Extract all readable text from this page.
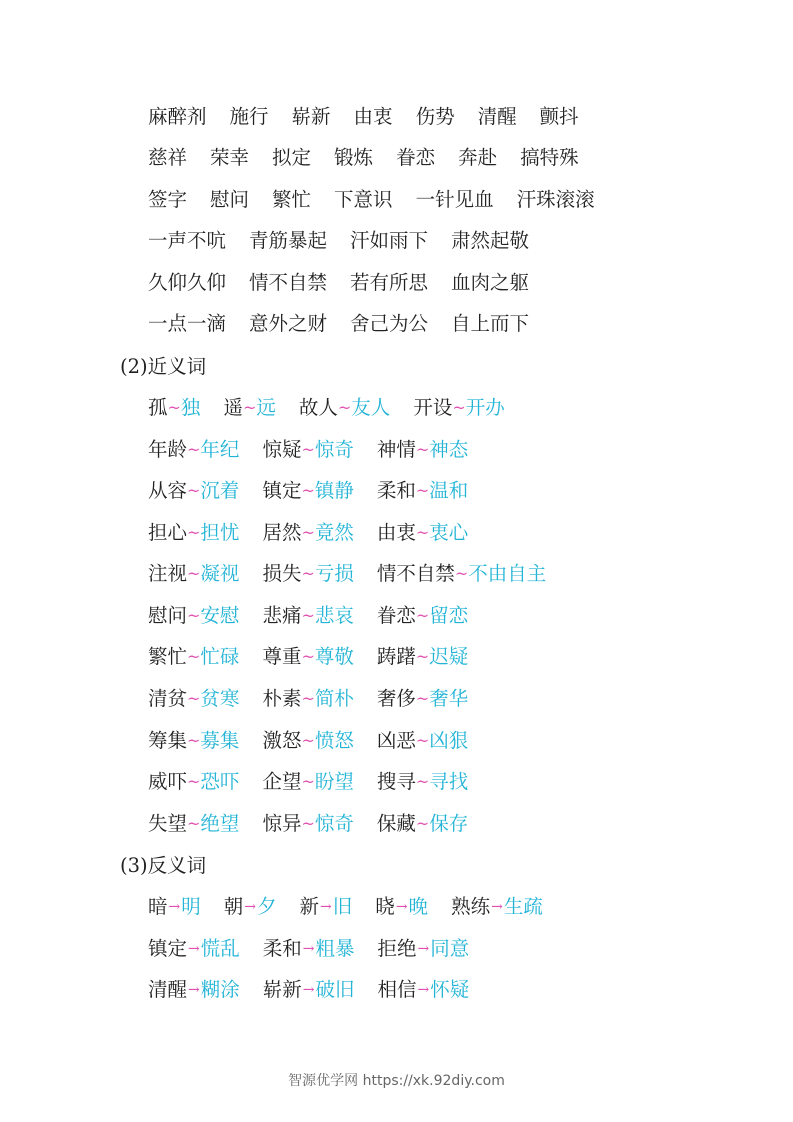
麻醉剂 施行 崭新 由衷 伤势 清醒 颤抖
慈祥 荣幸 拟定 锻炼 眷恋 奔赴 搞特殊
签字 慰问 繁忙 下意识 一针见血 汗珠滚滚
一声不吭 青筋暴起 汗如雨下 肃然起敬
久仰久仰 情不自禁 若有所思 血肉之躯
一点一滴 意外之财 舍己为公 自上而下
(2)近义词
孤~独 遥~远 故人~友人 开设~开办
年龄~年纪 惊疑~惊奇 神情~神态
从容~沉着 镇定~镇静 柔和~温和
担心~担忧 居然~竟然 由衷~衷心
注视~凝视 损失~亏损 情不自禁~不由自主
慰问~安慰 悲痛~悲哀 眷恋~留恋
繁忙~忙碌 尊重~尊敬 踌躇~迟疑
清贫~贫寒 朴素~简朴 奢侈~奢华
筹集~募集 激怒~愤怒 凶恶~凶狠
威吓~恐吓 企望~盼望 搜寻~寻找
失望~绝望 惊异~惊奇 保藏~保存
(3)反义词
暗→明 朝→夕 新→旧 晓→晚 熟练→生疏
镇定→慌乱 柔和→粗暴 拒绝→同意
清醒→糊涂 崭新→破旧 相信→怀疑
智源优学网 https://xk.92diy.com
